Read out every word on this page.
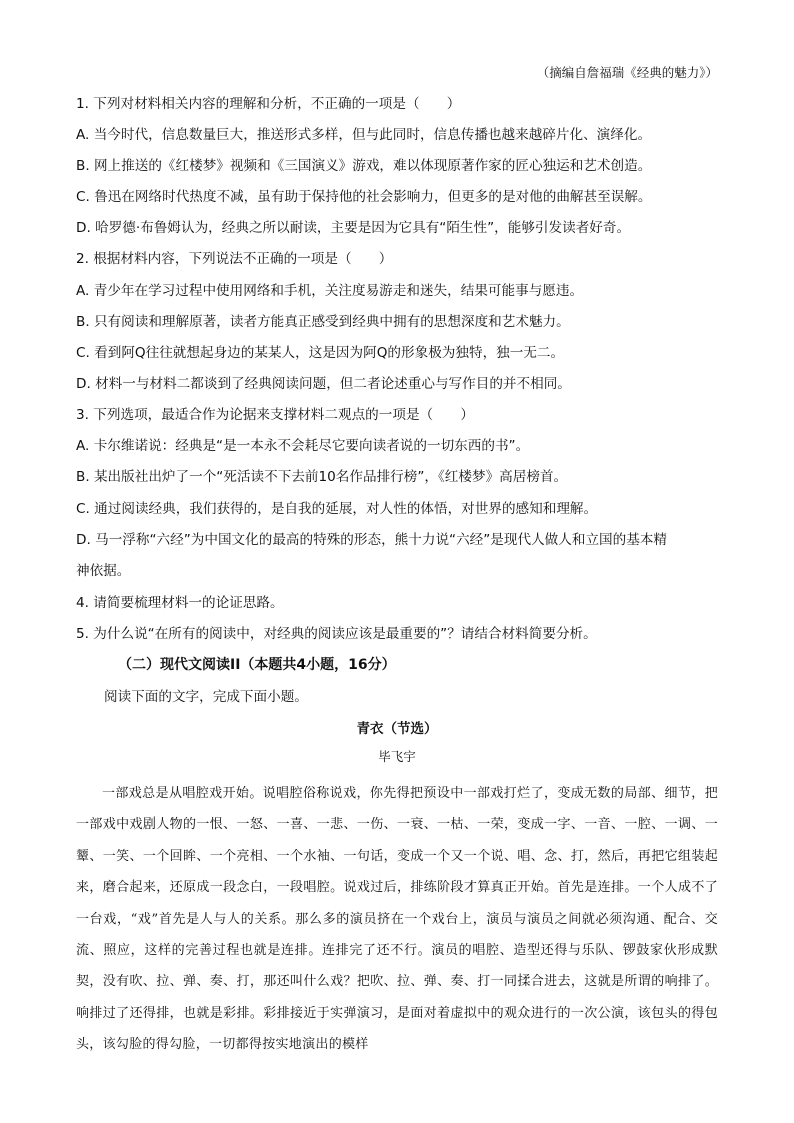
（摘编自詹福瑞《经典的魅力》）
1. 下列对材料相关内容的理解和分析，不正确的一项是（　　）
A. 当今时代，信息数量巨大，推送形式多样，但与此同时，信息传播也越来越碎片化、演绎化。
B. 网上推送的《红楼梦》视频和《三国演义》游戏，难以体现原著作家的匠心独运和艺术创造。
C. 鲁迅在网络时代热度不减，虽有助于保持他的社会影响力，但更多的是对他的曲解甚至误解。
D. 哈罗德·布鲁姆认为，经典之所以耐读，主要是因为它具有“陌生性”，能够引发读者好奇。
2. 根据材料内容，下列说法不正确的一项是（　　）
A. 青少年在学习过程中使用网络和手机，关注度易游走和迷失，结果可能事与愿违。
B. 只有阅读和理解原著，读者方能真正感受到经典中拥有的思想深度和艺术魅力。
C. 看到阿Q往往就想起身边的某某人，这是因为阿Q的形象极为独特，独一无二。
D. 材料一与材料二都谈到了经典阅读问题，但二者论述重心与写作目的并不相同。
3. 下列选项，最适合作为论据来支撑材料二观点的一项是（　　）
A. 卡尔维诺说：经典是“是一本永不会耗尽它要向读者说的一切东西的书”。
B. 某出版社出炉了一个“死活读不下去前10名作品排行榜”，《红楼梦》高居榜首。
C. 通过阅读经典，我们获得的，是自我的延展，对人性的体悟，对世界的感知和理解。
D. 马一浮称“六经”为中国文化的最高的特殊的形态，熊十力说“六经”是现代人做人和立国的基本精
神依据。
4. 请简要梳理材料一的论证思路。
5. 为什么说“在所有的阅读中，对经典的阅读应该是最重要的”？请结合材料简要分析。
（二）现代文阅读II（本题共4小题，16分）
阅读下面的文字，完成下面小题。
青衣（节选）
毕飞宇
一部戏总是从唱腔戏开始。说唱腔俗称说戏，你先得把预设中一部戏打烂了，变成无数的局部、细节，把一部戏中戏剧人物的一恨、一怒、一喜、一悲、一伤、一衰、一枯、一荣，变成一字、一音、一腔、一调、一颦、一笑、一个回眸、一个亮相、一个水袖、一句话，变成一个又一个说、唱、念、打，然后，再把它组装起来，磨合起来，还原成一段念白，一段唱腔。说戏过后，排练阶段才算真正开始。首先是连排。一个人成不了一台戏，“戏”首先是人与人的关系。那么多的演员挤在一个戏台上，演员与演员之间就必须沟通、配合、交流、照应，这样的完善过程也就是连排。连排完了还不行。演员的唱腔、造型还得与乐队、锣鼓家伙形成默契，没有吹、拉、弹、奏、打，那还叫什么戏？把吹、拉、弹、奏、打一同揉合进去，这就是所谓的响排了。响排过了还得排，也就是彩排。彩排接近于实弹演习，是面对着虚拟中的观众进行的一次公演，该包头的得包头，该勾脸的得勾脸，一切都得按实地演出的模样
